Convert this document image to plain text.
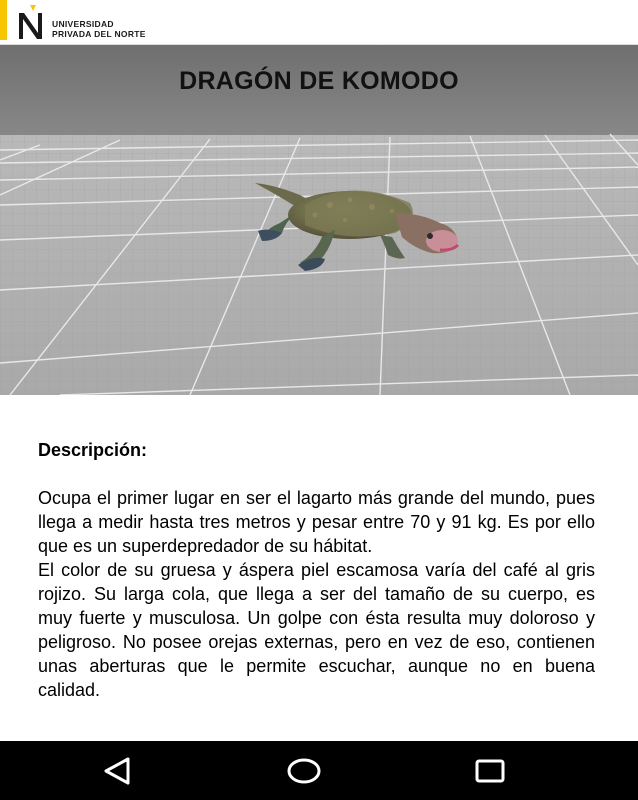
UNIVERSIDAD
PRIVADA DEL NORTE
DRAGÓN DE KOMODO
Descripción:

Ocupa el primer lugar en ser el lagarto más grande del mundo, pues llega a medir hasta tres metros y pesar entre 70 y 91 kg. Es por ello que es un superdepredador de su hábitat.

El color de su gruesa y áspera piel escamosa varía del café al gris rojizo. Su larga cola, que llega a ser del tamaño de su cuerpo, es muy fuerte y musculosa. Un golpe con ésta resulta muy doloroso y peligroso. No posee orejas externas, pero en vez de eso, contienen unas aberturas que le permite escuchar, aunque no en buena calidad.
